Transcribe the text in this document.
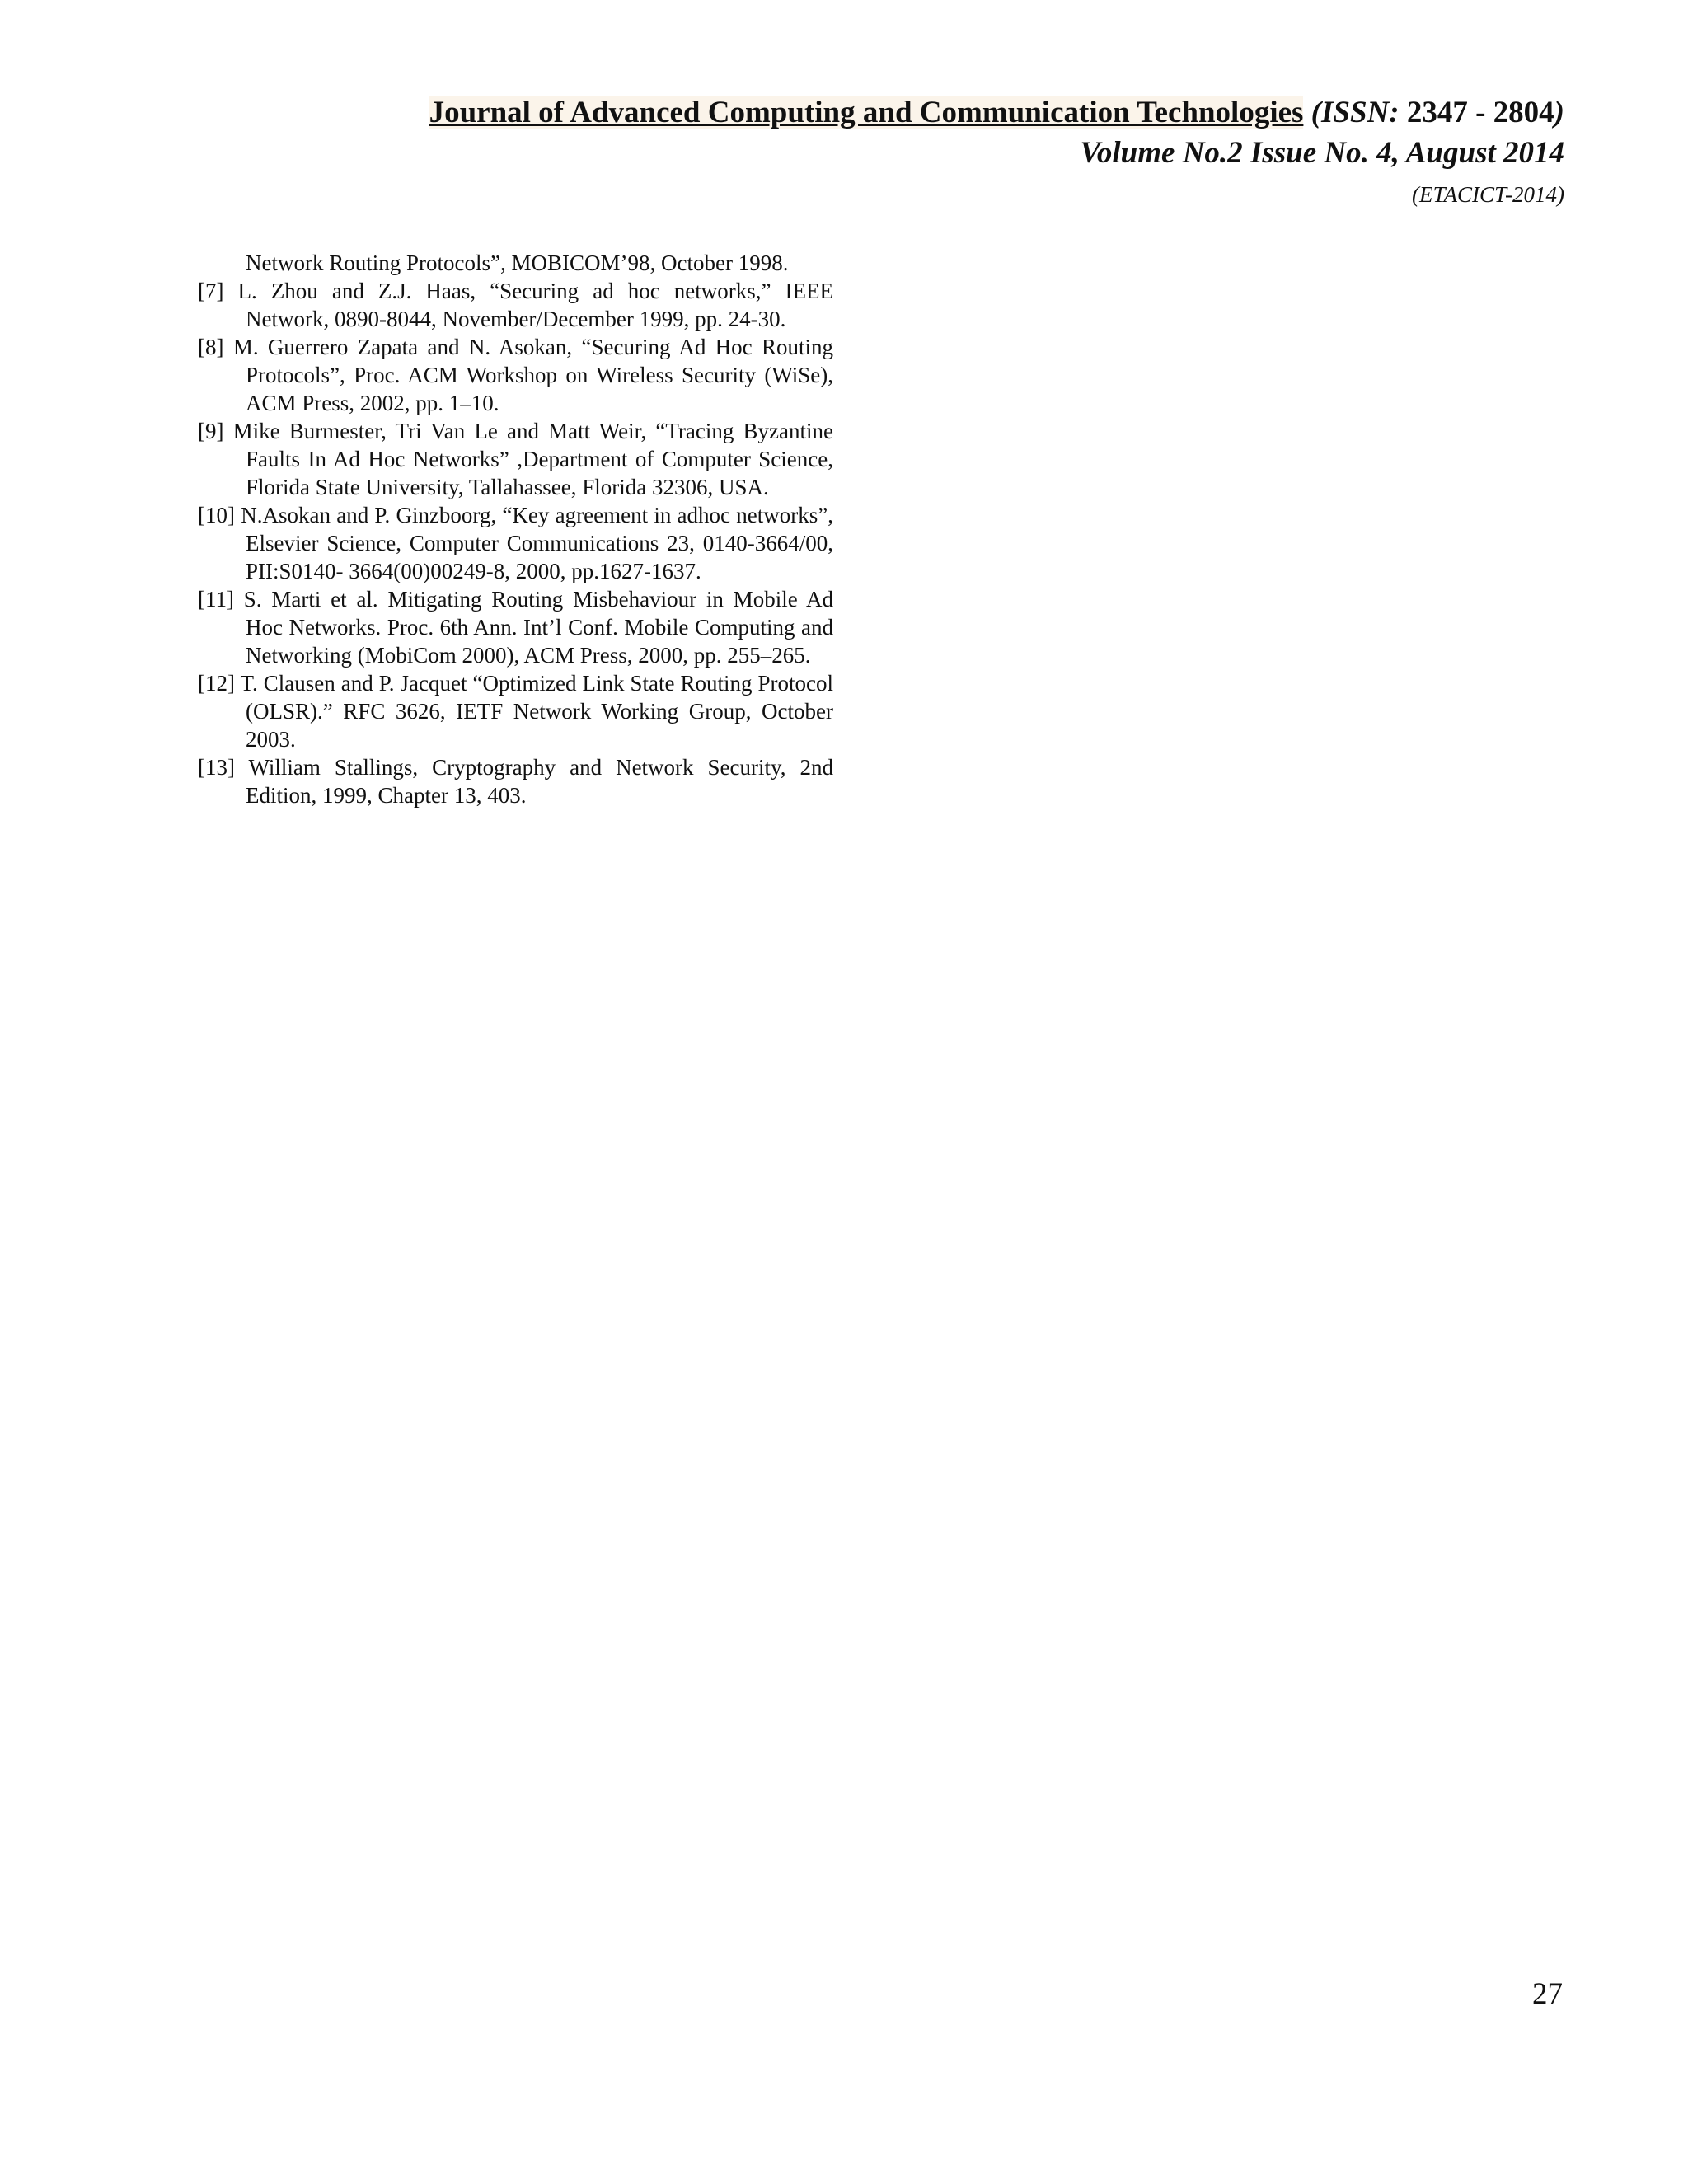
Journal of Advanced Computing and Communication Technologies (ISSN: 2347 - 2804)
Volume No.2 Issue No. 4, August 2014
(ETACICT-2014)
Network Routing Protocols”, MOBICOM’98, October 1998.
[7] L. Zhou and Z.J. Haas, “Securing ad hoc networks,” IEEE Network, 0890-8044, November/December 1999, pp. 24-30.
[8] M. Guerrero Zapata and N. Asokan, “Securing Ad Hoc Routing Protocols”, Proc. ACM Workshop on Wireless Security (WiSe), ACM Press, 2002, pp. 1–10.
[9] Mike Burmester, Tri Van Le and Matt Weir, “Tracing Byzantine Faults In Ad Hoc Networks” ,Department of Computer Science, Florida State University, Tallahassee, Florida 32306, USA.
[10] N.Asokan and P. Ginzboorg, “Key agreement in adhoc networks”, Elsevier Science, Computer Communications 23, 0140-3664/00, PII:S0140- 3664(00)00249-8, 2000, pp.1627-1637.
[11] S. Marti et al. Mitigating Routing Misbehaviour in Mobile Ad Hoc Networks. Proc. 6th Ann. Int’l Conf. Mobile Computing and Networking (MobiCom 2000), ACM Press, 2000, pp. 255–265.
[12] T. Clausen and P. Jacquet “Optimized Link State Routing Protocol (OLSR).” RFC 3626, IETF Network Working Group, October 2003.
[13] William Stallings, Cryptography and Network Security, 2nd Edition, 1999, Chapter 13, 403.
27
